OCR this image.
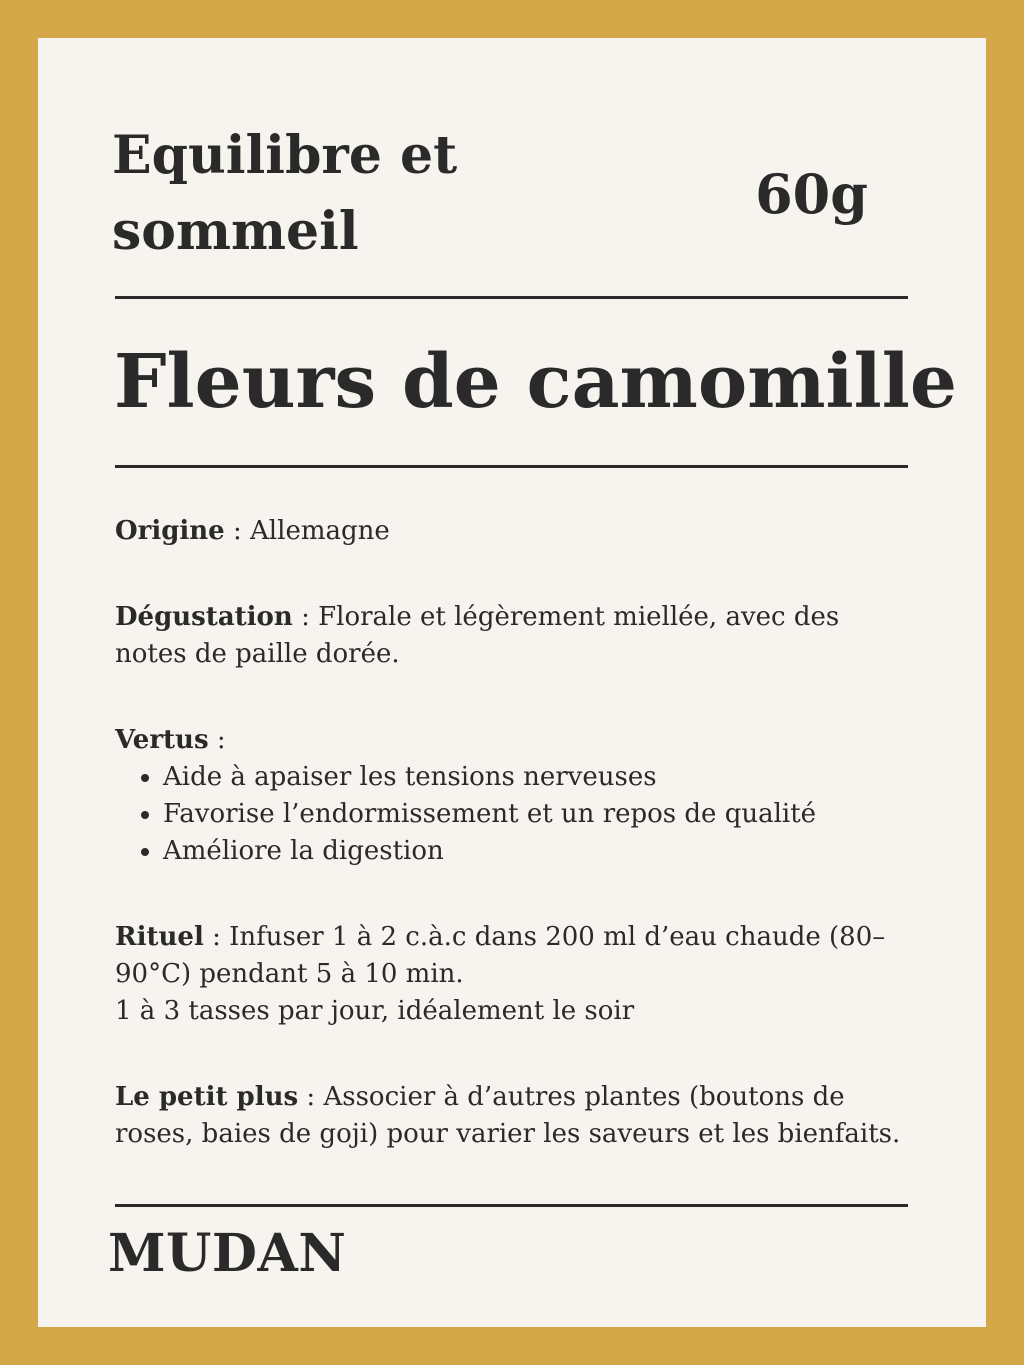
Equilibre et sommeil
60g
Fleurs de camomille

Origine : Allemagne

Dégustation : Florale et légèrement miellée, avec des notes de paille dorée.

Vertus :

• Aide à apaiser les tensions nerveuses
• Favorise l’endormissement et un repos de qualité
• Améliore la digestion

Rituel : Infuser 1 à 2 c.à.c dans 200 ml d’eau chaude (80–90°C) pendant 5 à 10 min.
1 à 3 tasses par jour, idéalement le soir

Le petit plus : Associer à d’autres plantes (boutons de roses, baies de goji) pour varier les saveurs et les bienfaits.

MUDAN
